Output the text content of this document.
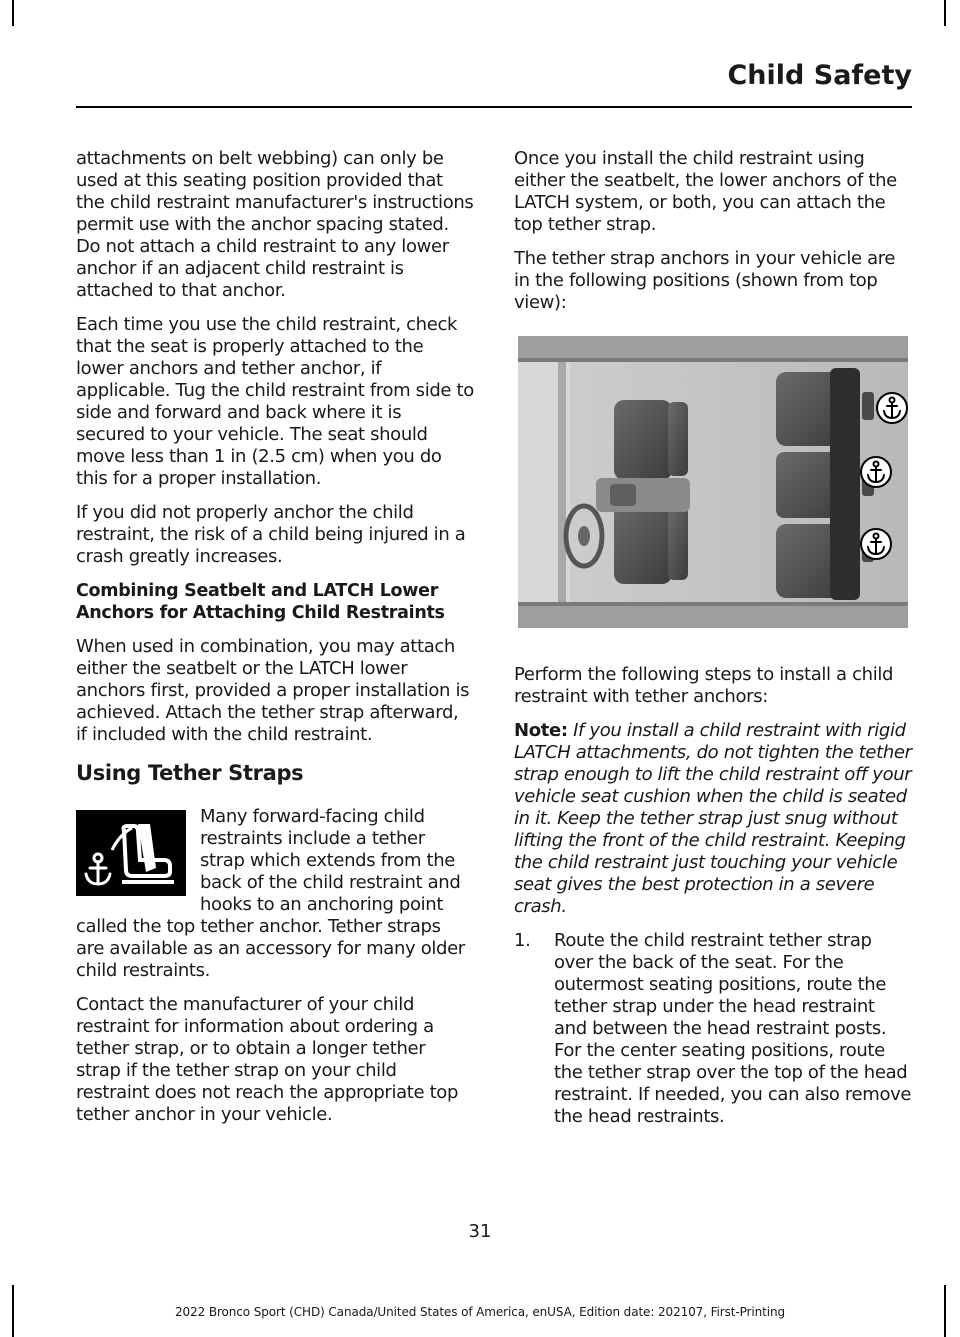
Child Safety

attachments on belt webbing) can only be used at this seating position provided that the child restraint manufacturer's instructions permit use with the anchor spacing stated. Do not attach a child restraint to any lower anchor if an adjacent child restraint is attached to that anchor.

Each time you use the child restraint, check that the seat is properly attached to the lower anchors and tether anchor, if applicable. Tug the child restraint from side to side and forward and back where it is secured to your vehicle. The seat should move less than 1 in (2.5 cm) when you do this for a proper installation.

If you did not properly anchor the child restraint, the risk of a child being injured in a crash greatly increases.

Combining Seatbelt and LATCH Lower Anchors for Attaching Child Restraints

When used in combination, you may attach either the seatbelt or the LATCH lower anchors first, provided a proper installation is achieved. Attach the tether strap afterward, if included with the child restraint.

Using Tether Straps

Many forward-facing child restraints include a tether strap which extends from the back of the child restraint and hooks to an anchoring point called the top tether anchor. Tether straps are available as an accessory for many older child restraints.

Contact the manufacturer of your child restraint for information about ordering a tether strap, or to obtain a longer tether strap if the tether strap on your child restraint does not reach the appropriate top tether anchor in your vehicle.

Once you install the child restraint using either the seatbelt, the lower anchors of the LATCH system, or both, you can attach the top tether strap.

The tether strap anchors in your vehicle are in the following positions (shown from top view):

Perform the following steps to install a child restraint with tether anchors:

Note: If you install a child restraint with rigid LATCH attachments, do not tighten the tether strap enough to lift the child restraint off your vehicle seat cushion when the child is seated in it. Keep the tether strap just snug without lifting the front of the child restraint. Keeping the child restraint just touching your vehicle seat gives the best protection in a severe crash.

1.	Route the child restraint tether strap over the back of the seat. For the outermost seating positions, route the tether strap under the head restraint and between the head restraint posts. For the center seating positions, route the tether strap over the top of the head restraint. If needed, you can also remove the head restraints.
31
2022 Bronco Sport (CHD) Canada/United States of America, enUSA, Edition date: 202107, First-Printing
